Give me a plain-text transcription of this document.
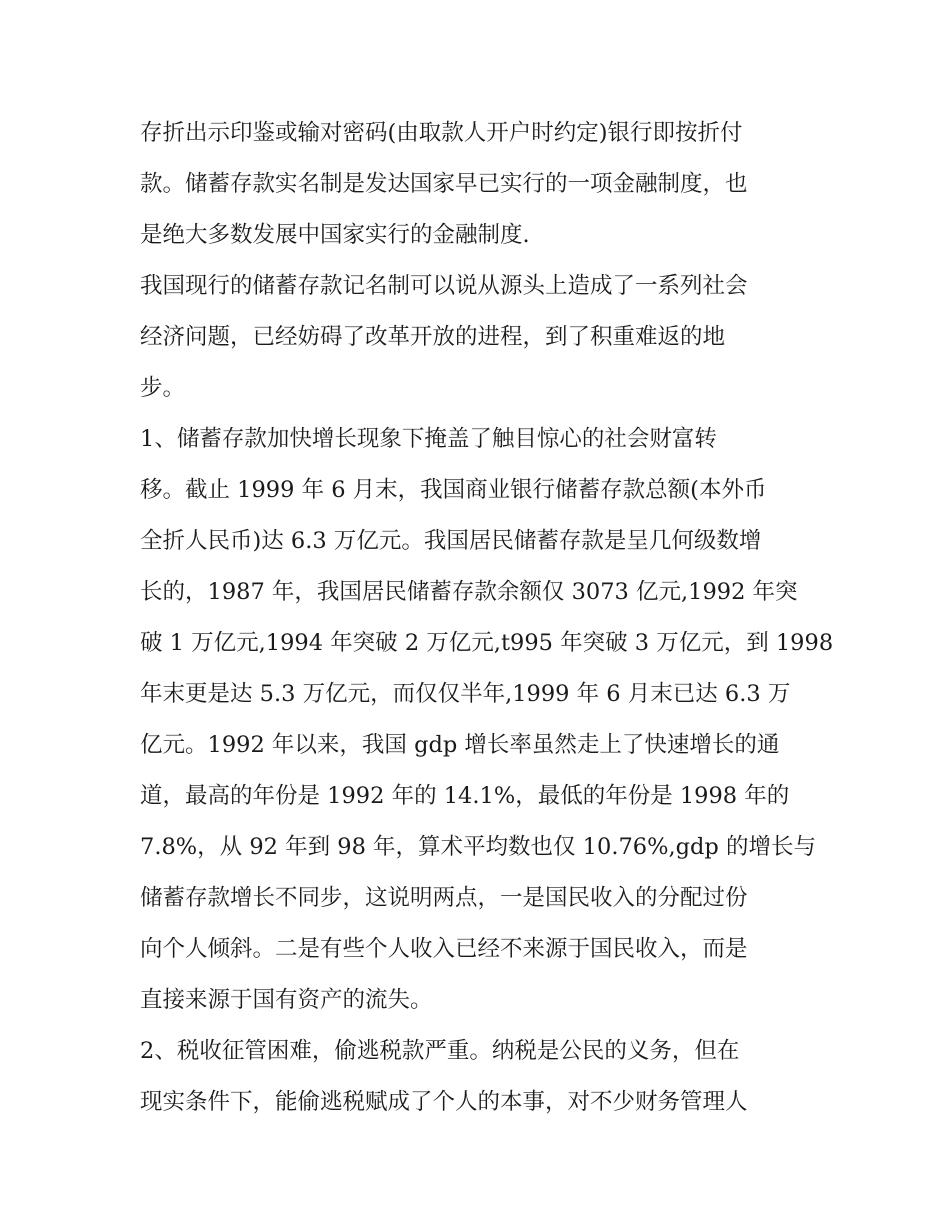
存折出示印鉴或输对密码(由取款人开户时约定)银行即按折付
款。储蓄存款实名制是发达国家早已实行的一项金融制度，也
是绝大多数发展中国家实行的金融制度.
我国现行的储蓄存款记名制可以说从源头上造成了一系列社会
经济问题，已经妨碍了改革开放的进程，到了积重难返的地
步。
1、储蓄存款加快增长现象下掩盖了触目惊心的社会财富转
移。截止 1999 年 6 月末，我国商业银行储蓄存款总额(本外币
全折人民币)达 6.3 万亿元。我国居民储蓄存款是呈几何级数增
长的，1987 年，我国居民储蓄存款余额仅 3073 亿元,1992 年突
破 1 万亿元,1994 年突破 2 万亿元,t995 年突破 3 万亿元，到 1998
年末更是达 5.3 万亿元，而仅仅半年,1999 年 6 月末已达 6.3 万
亿元。1992 年以来，我国 gdp 增长率虽然走上了快速增长的通
道，最高的年份是 1992 年的 14.1%，最低的年份是 1998 年的
7.8%，从 92 年到 98 年，算术平均数也仅 10.76%,gdp 的增长与
储蓄存款增长不同步，这说明两点，一是国民收入的分配过份
向个人倾斜。二是有些个人收入已经不来源于国民收入，而是
直接来源于国有资产的流失。
2、税收征管困难，偷逃税款严重。纳税是公民的义务，但在
现实条件下，能偷逃税赋成了个人的本事，对不少财务管理人
